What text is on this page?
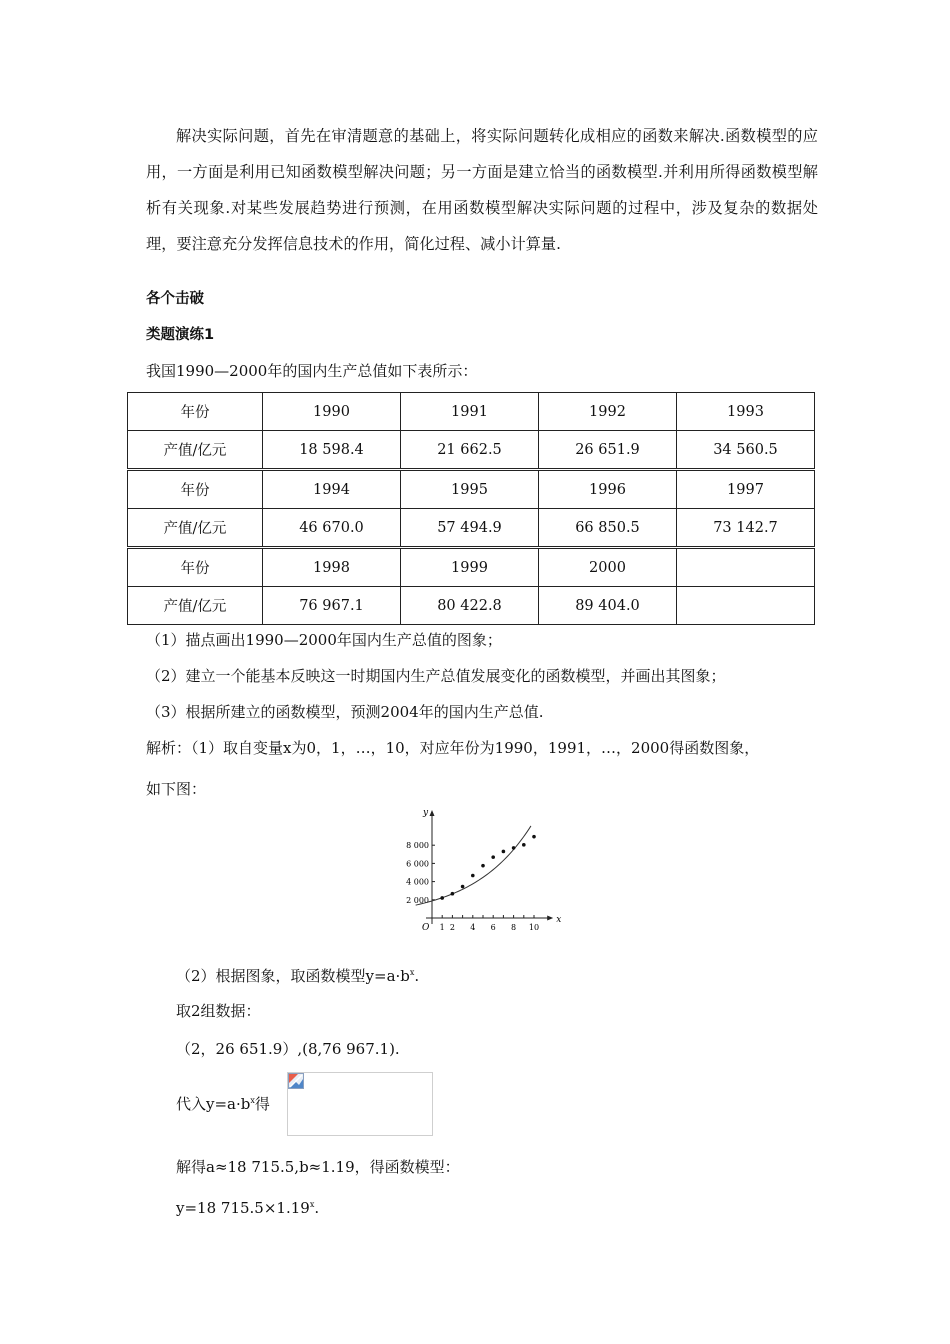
解决实际问题，首先在审清题意的基础上，将实际问题转化成相应的函数来解决.函数模型的应用，一方面是利用已知函数模型解决问题；另一方面是建立恰当的函数模型.并利用所得函数模型解析有关现象.对某些发展趋势进行预测，在用函数模型解决实际问题的过程中，涉及复杂的数据处理，要注意充分发挥信息技术的作用，简化过程、减小计算量.
各个击破
类题演练1
我国1990—2000年的国内生产总值如下表所示：
年份	1990	1991	1992	1993
产值/亿元	18 598.4	21 662.5	26 651.9	34 560.5
年份	1994	1995	1996	1997
产值/亿元	46 670.0	57 494.9	66 850.5	73 142.7
年份	1998	1999	2000	
产值/亿元	76 967.1	80 422.8	89 404.0	
（1）描点画出1990—2000年国内生产总值的图象；
（2）建立一个能基本反映这一时期国内生产总值发展变化的函数模型，并画出其图象；
（3）根据所建立的函数模型，预测2004年的国内生产总值.
解析：（1）取自变量x为0，1，…，10，对应年份为1990，1991，…，2000得函数图象，
如下图：
x
y
O 1 2 4 6 8 10
2 000
4 000
6 000
8 000
（2）根据图象，取函数模型$y=a\cdot b^x$.
取2组数据：
（2，26 651.9）,(8,76 967.1).
代入$y=a\cdot b^x$得
解得a≈18 715.5,b≈1.19，得函数模型：
y=18 $715.5\times 1.19^x$.
